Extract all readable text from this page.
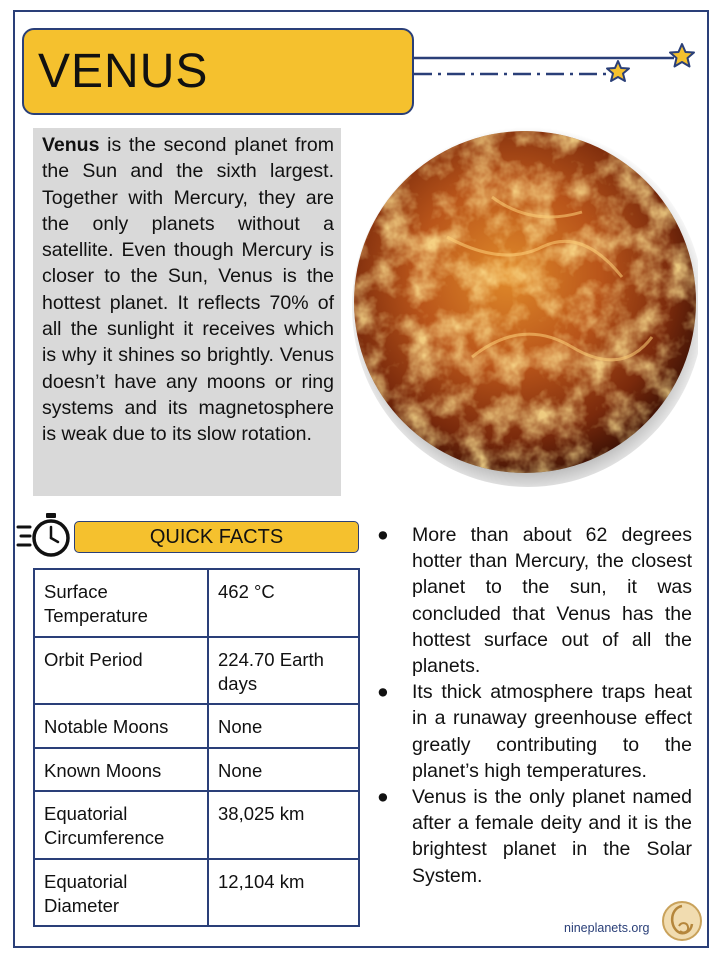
VENUS

Venus is the second planet from the Sun and the sixth largest. Together with Mercury, they are the only planets without a satellite. Even though Mercury is closer to the Sun, Venus is the hottest planet. It reflects 70% of all the sunlight it receives which is why it shines so brightly. Venus doesn’t have any moons or ring systems and its magnetosphere is weak due to its slow rotation.

QUICK FACTS
Surface Temperature	462 °C
Orbit Period	224.70 Earth days
Notable Moons	None
Known Moons	None
Equatorial Circumference	38,025 km
Equatorial Diameter	12,104 km
● More than about 62 degrees hotter than Mercury, the closest planet to the sun, it was concluded that Venus has the hottest surface out of all the planets.
● Its thick atmosphere traps heat in a runaway greenhouse effect greatly contributing to the planet’s high temperatures.
● Venus is the only planet named after a female deity and it is the brightest planet in the Solar System.
nineplanets.org
